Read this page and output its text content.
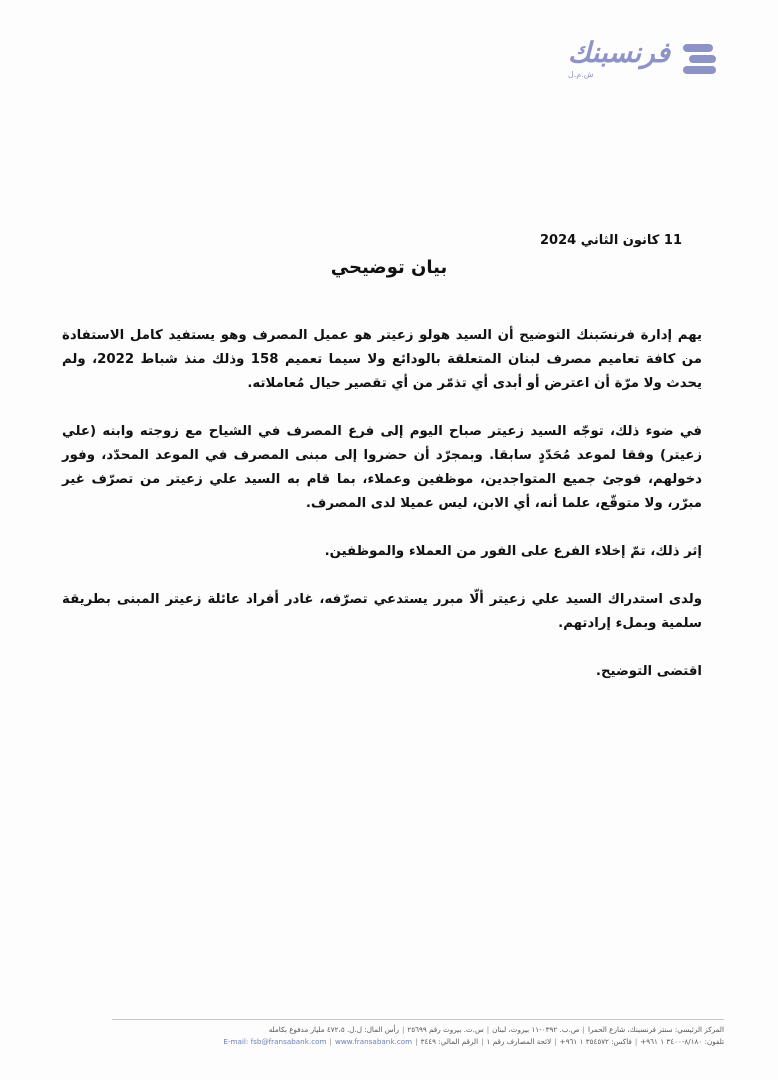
فرنسبنك
ش.م.ل
11 كانون الثاني 2024
بيان توضيحي

يهم إدارة فرنسَبنك التوضيح أن السيد هولو زعيتر هو عميل المصرف وهو يستفيد كامل الاستفادة من كافة تعاميم مصرف لبنان المتعلقة بالودائع ولا سيما تعميم 158 وذلك منذ شباط 2022، ولم يحدث ولا مرّة أن اعترض أو أبدى أي تذمّر من أي تقصير حيال مُعاملاته.

في ضوء ذلك، توجّه السيد زعيتر صباح اليوم إلى فرع المصرف في الشياح مع زوجته وابنه (علي زعيتر) وفقا لموعد مُحَدّدٍ سابقا. وبمجرّد أن حضروا إلى مبنى المصرف في الموعد المحدّد، وفور دخولهم، فوجئ جميع المتواجدين، موظفين وعملاء، بما قام به السيد علي زعيتر من تصرّف غير مبرّر، ولا متوقّع، علما أنه، أي الابن، ليس عميلا لدى المصرف.

إثر ذلك، تمّ إخلاء الفرع على الفور من العملاء والموظفين.

ولدى استدراك السيد علي زعيتر ألّا مبرر يستدعي تصرّفه، غادر أفراد عائلة زعيتر المبنى بطريقة سلمية وبملء إرادتهم.

اقتضى التوضيح.

المركز الرئيسي: سنتر فرنسبنك، شارع الحمرا|ص.ب. ٠٣٩٢-١١ بيروت، لبنان|س.ت. بيروت رقم ٢٥٦٩٩|رأس المال: ل.ل. ٤٧٢،٥ مليار مدفوع بكامله
تلفون: ٨/١٨٠-٣٤٠٠ ١ ٩٦١+|فاكس: ٣٥٤٥٧٢ ١ ٩٦١+|لائحة المصارف رقم ١|الرقم المالي: ٣٤٤٩|E-mail: fsb@fransabank.com | www.fransabank.com
